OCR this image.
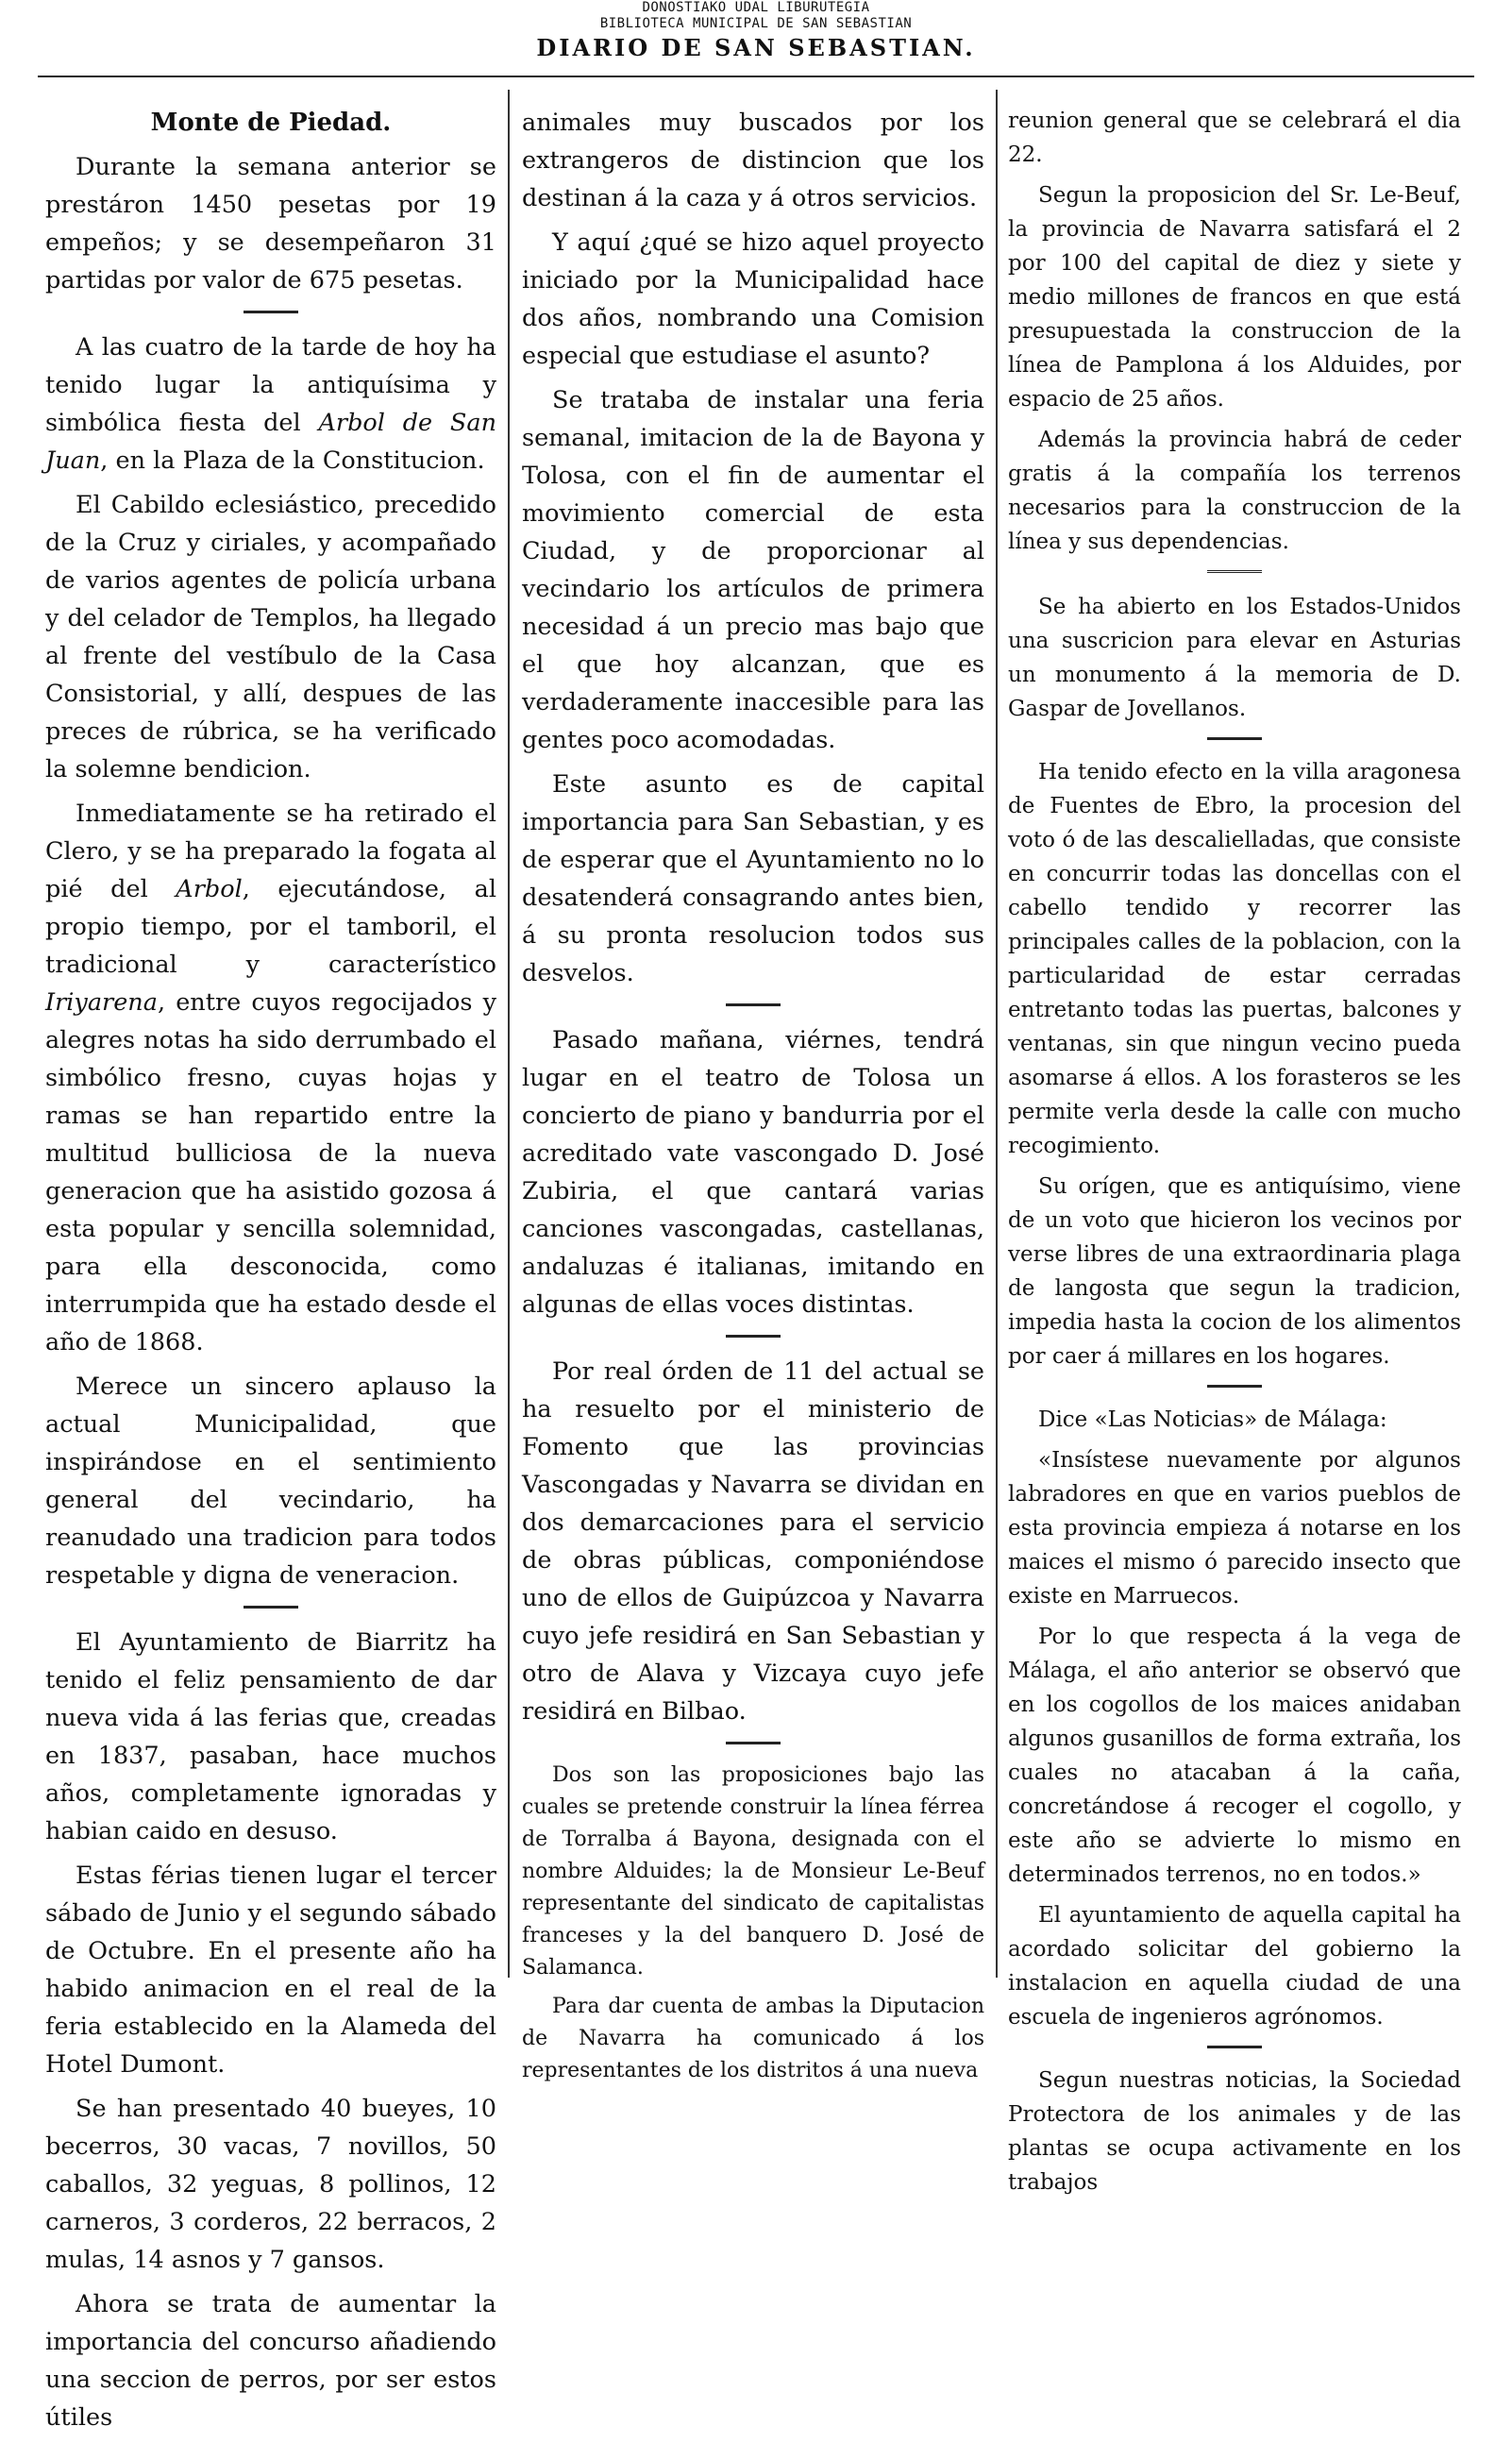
DONOSTIAKO UDAL LIBURUTEGIA
BIBLIOTECA MUNICIPAL DE SAN SEBASTIAN
DIARIO DE SAN SEBASTIAN.

Monte de Piedad.

Durante la semana anterior se prestáron 1450 pesetas por 19 empeños; y se desempeñaron 31 partidas por valor de 675 pesetas.

A las cuatro de la tarde de hoy ha tenido lugar la antiquísima y simbólica fiesta del Arbol de San Juan, en la Plaza de la Constitucion.

El Cabildo eclesiástico, precedido de la Cruz y ciriales, y acompañado de varios agentes de policía urbana y del celador de Templos, ha llegado al frente del vestíbulo de la Casa Consistorial, y allí, despues de las preces de rúbrica, se ha verificado la solemne bendicion.

Inmediatamente se ha retirado el Clero, y se ha preparado la fogata al pié del Arbol, ejecutándose, al propio tiempo, por el tamboril, el tradicional y característico Iriyarena, entre cuyos regocijados y alegres notas ha sido derrumbado el simbólico fresno, cuyas hojas y ramas se han repartido entre la multitud bulliciosa de la nueva generacion que ha asistido gozosa á esta popular y sencilla solemnidad, para ella desconocida, como interrumpida que ha estado desde el año de 1868.

Merece un sincero aplauso la actual Municipalidad, que inspirándose en el sentimiento general del vecindario, ha reanudado una tradicion para todos respetable y digna de veneracion.

El Ayuntamiento de Biarritz ha tenido el feliz pensamiento de dar nueva vida á las ferias que, creadas en 1837, pasaban, hace muchos años, completamente ignoradas y habian caido en desuso.

Estas férias tienen lugar el tercer sábado de Junio y el segundo sábado de Octubre. En el presente año ha habido animacion en el real de la feria establecido en la Alameda del Hotel Dumont.

Se han presentado 40 bueyes, 10 becerros, 30 vacas, 7 novillos, 50 caballos, 32 yeguas, 8 pollinos, 12 carneros, 3 corderos, 22 berracos, 2 mulas, 14 asnos y 7 gansos.

Ahora se trata de aumentar la importancia del concurso añadiendo una seccion de perros, por ser estos útiles

animales muy buscados por los extrangeros de distincion que los destinan á la caza y á otros servicios.

Y aquí ¿qué se hizo aquel proyecto iniciado por la Municipalidad hace dos años, nombrando una Comision especial que estudiase el asunto?

Se trataba de instalar una feria semanal, imitacion de la de Bayona y Tolosa, con el fin de aumentar el movimiento comercial de esta Ciudad, y de proporcionar al vecindario los artículos de primera necesidad á un precio mas bajo que el que hoy alcanzan, que es verdaderamente inaccesible para las gentes poco acomodadas.

Este asunto es de capital importancia para San Sebastian, y es de esperar que el Ayuntamiento no lo desatenderá consagrando antes bien, á su pronta resolucion todos sus desvelos.

Pasado mañana, viérnes, tendrá lugar en el teatro de Tolosa un concierto de piano y bandurria por el acreditado vate vascongado D. José Zubiria, el que cantará varias canciones vascongadas, castellanas, andaluzas é italianas, imitando en algunas de ellas voces distintas.

Por real órden de 11 del actual se ha resuelto por el ministerio de Fomento que las provincias Vascongadas y Navarra se dividan en dos demarcaciones para el servicio de obras públicas, componiéndose uno de ellos de Guipúzcoa y Navarra cuyo jefe residirá en San Sebastian y otro de Alava y Vizcaya cuyo jefe residirá en Bilbao.

Dos son las proposiciones bajo las cuales se pretende construir la línea férrea de Torralba á Bayona, designada con el nombre Alduides; la de Monsieur Le-Beuf representante del sindicato de capitalistas franceses y la del banquero D. José de Salamanca.

Para dar cuenta de ambas la Diputacion de Navarra ha comunicado á los representantes de los distritos á una nueva

reunion general que se celebrará el dia 22.

Segun la proposicion del Sr. Le-Beuf, la provincia de Navarra satisfará el 2 por 100 del capital de diez y siete y medio millones de francos en que está presupuestada la construccion de la línea de Pamplona á los Alduides, por espacio de 25 años.

Además la provincia habrá de ceder gratis á la compañía los terrenos necesarios para la construccion de la línea y sus dependencias.

Se ha abierto en los Estados-Unidos una suscricion para elevar en Asturias un monumento á la memoria de D. Gaspar de Jovellanos.

Ha tenido efecto en la villa aragonesa de Fuentes de Ebro, la procesion del voto ó de las descalielladas, que consiste en concurrir todas las doncellas con el cabello tendido y recorrer las principales calles de la poblacion, con la particularidad de estar cerradas entretanto todas las puertas, balcones y ventanas, sin que ningun vecino pueda asomarse á ellos. A los forasteros se les permite verla desde la calle con mucho recogimiento.

Su orígen, que es antiquísimo, viene de un voto que hicieron los vecinos por verse libres de una extraordinaria plaga de langosta que segun la tradicion, impedia hasta la cocion de los alimentos por caer á millares en los hogares.

Dice «Las Noticias» de Málaga:

«Insístese nuevamente por algunos labradores en que en varios pueblos de esta provincia empieza á notarse en los maices el mismo ó parecido insecto que existe en Marruecos.

Por lo que respecta á la vega de Málaga, el año anterior se observó que en los cogollos de los maices anidaban algunos gusanillos de forma extraña, los cuales no atacaban á la caña, concretándose á recoger el cogollo, y este año se advierte lo mismo en determinados terrenos, no en todos.»

El ayuntamiento de aquella capital ha acordado solicitar del gobierno la instalacion en aquella ciudad de una escuela de ingenieros agrónomos.

Segun nuestras noticias, la Sociedad Protectora de los animales y de las plantas se ocupa activamente en los trabajos
